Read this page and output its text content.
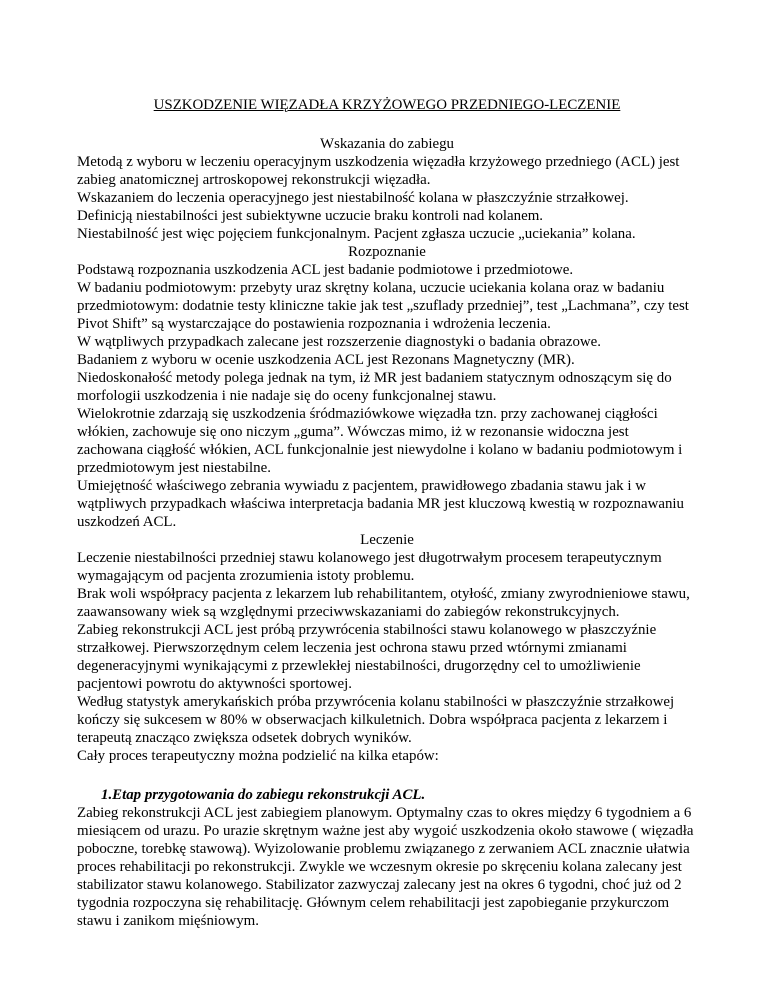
USZKODZENIE WIĘZADŁA KRZYŻOWEGO PRZEDNIEGO-LECZENIE

Wskazania do zabiegu

Metodą z wyboru w leczeniu operacyjnym uszkodzenia więzadła krzyżowego przedniego (ACL) jest zabieg anatomicznej artroskopowej rekonstrukcji więzadła.

Wskazaniem do leczenia operacyjnego jest niestabilność kolana w płaszczyźnie strzałkowej.

Definicją niestabilności jest subiektywne uczucie braku kontroli nad kolanem.

Niestabilność jest więc pojęciem funkcjonalnym. Pacjent zgłasza uczucie „uciekania” kolana.

Rozpoznanie

Podstawą rozpoznania uszkodzenia ACL jest badanie podmiotowe i przedmiotowe.

W badaniu podmiotowym: przebyty uraz skrętny kolana, uczucie uciekania kolana oraz w badaniu przedmiotowym: dodatnie testy kliniczne takie jak test „szuflady przedniej”, test „Lachmana”, czy test Pivot Shift” są wystarczające do postawienia rozpoznania i wdrożenia leczenia.

W wątpliwych przypadkach zalecane jest rozszerzenie diagnostyki o badania obrazowe.

Badaniem z wyboru w ocenie uszkodzenia ACL jest Rezonans Magnetyczny (MR).

Niedoskonałość metody polega jednak na tym, iż MR jest badaniem statycznym odnoszącym się do morfologii uszkodzenia i nie nadaje się do oceny funkcjonalnej stawu.

Wielokrotnie zdarzają się uszkodzenia śródmaziówkowe więzadła tzn. przy zachowanej ciągłości włókien, zachowuje się ono niczym „guma”. Wówczas mimo, iż w rezonansie widoczna jest zachowana ciągłość włókien, ACL funkcjonalnie jest niewydolne i kolano w badaniu podmiotowym i przedmiotowym jest niestabilne.

Umiejętność właściwego zebrania wywiadu z pacjentem, prawidłowego zbadania stawu jak i w wątpliwych przypadkach właściwa interpretacja badania MR jest kluczową kwestią w rozpoznawaniu uszkodzeń ACL.

Leczenie

Leczenie niestabilności przedniej stawu kolanowego jest długotrwałym procesem terapeutycznym wymagającym od pacjenta zrozumienia istoty problemu.

Brak woli współpracy pacjenta z lekarzem lub rehabilitantem, otyłość, zmiany zwyrodnieniowe stawu, zaawansowany wiek są względnymi przeciwwskazaniami do zabiegów rekonstrukcyjnych.

Zabieg rekonstrukcji ACL jest próbą przywrócenia stabilności stawu kolanowego w płaszczyźnie strzałkowej. Pierwszorzędnym celem leczenia jest ochrona stawu przed wtórnymi zmianami degeneracyjnymi wynikającymi z przewlekłej niestabilności, drugorzędny cel to umożliwienie pacjentowi powrotu do aktywności sportowej.

Według statystyk amerykańskich próba przywrócenia kolanu stabilności w płaszczyźnie strzałkowej kończy się sukcesem w 80% w obserwacjach kilkuletnich. Dobra współpraca pacjenta z lekarzem i terapeutą znacząco zwiększa odsetek dobrych wyników.

Cały proces terapeutyczny można podzielić na kilka etapów:

1.Etap przygotowania do zabiegu rekonstrukcji ACL.

Zabieg rekonstrukcji ACL jest zabiegiem planowym. Optymalny czas to okres między 6 tygodniem a 6 miesiącem od urazu. Po urazie skrętnym ważne jest aby wygoić uszkodzenia około stawowe ( więzadła poboczne, torebkę stawową). Wyizolowanie problemu związanego z zerwaniem ACL znacznie ułatwia proces rehabilitacji po rekonstrukcji. Zwykle we wczesnym okresie po skręceniu kolana zalecany jest stabilizator stawu kolanowego. Stabilizator zazwyczaj zalecany jest na okres 6 tygodni, choć już od 2 tygodnia rozpoczyna się rehabilitację. Głównym celem rehabilitacji jest zapobieganie przykurczom stawu i zanikom mięśniowym.
